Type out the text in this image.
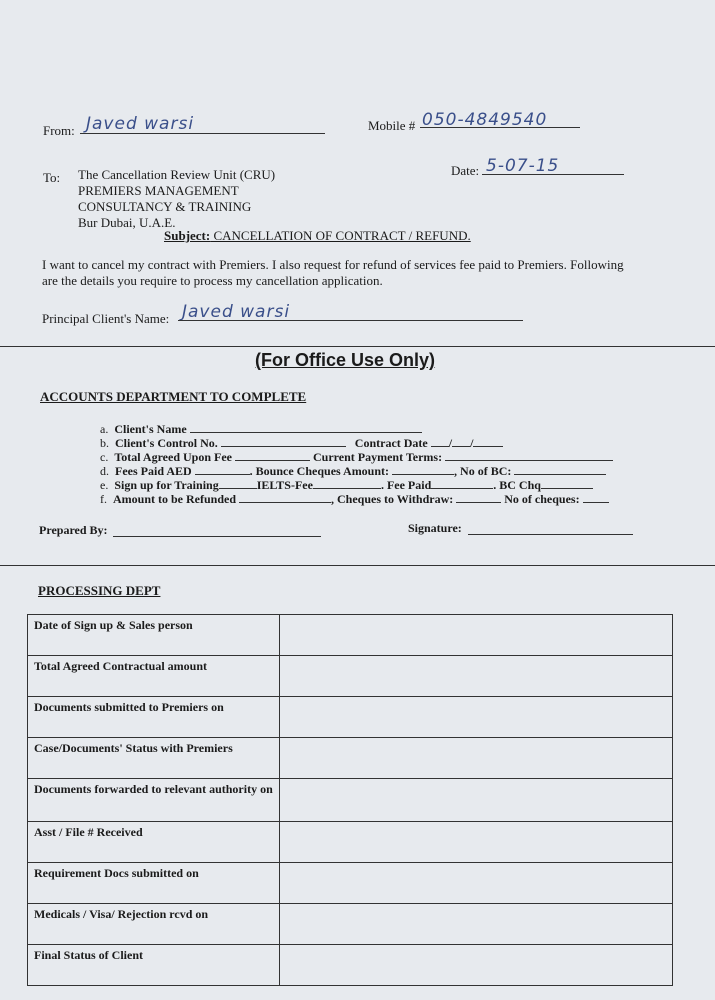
From: Javed warsi	Mobile # 050-4849540
To: The Cancellation Review Unit (CRU)
PREMIERS MANAGEMENT
CONSULTANCY & TRAINING
Bur Dubai, U.A.E.
Date: 5-07-15
Subject: CANCELLATION OF CONTRACT / REFUND.
I want to cancel my contract with Premiers. I also request for refund of services fee paid to Premiers. Following
are the details you require to process my cancellation application.
Principal Client's Name: Javed warsi
(For Office Use Only)
ACCOUNTS DEPARTMENT TO COMPLETE
a. Client's Name
b. Client's Control No.	Contract Date / /
c. Total Agreed Upon Fee	Current Payment Terms:
d. Fees Paid AED	. Bounce Cheques Amount:	, No of BC:
e. Sign up for Training	IELTS-Fee	. Fee Paid	. BC Chq
f. Amount to be Refunded	, Cheques to Withdraw:	No of cheques:
Prepared By:	Signature:
PROCESSING DEPT
Date of Sign up & Sales person	
Total Agreed Contractual amount	
Documents submitted to Premiers on	
Case/Documents' Status with Premiers	
Documents forwarded to relevant authority on	
Asst / File # Received	
Requirement Docs submitted on	
Medicals / Visa/ Rejection rcvd on	
Final Status of Client	
